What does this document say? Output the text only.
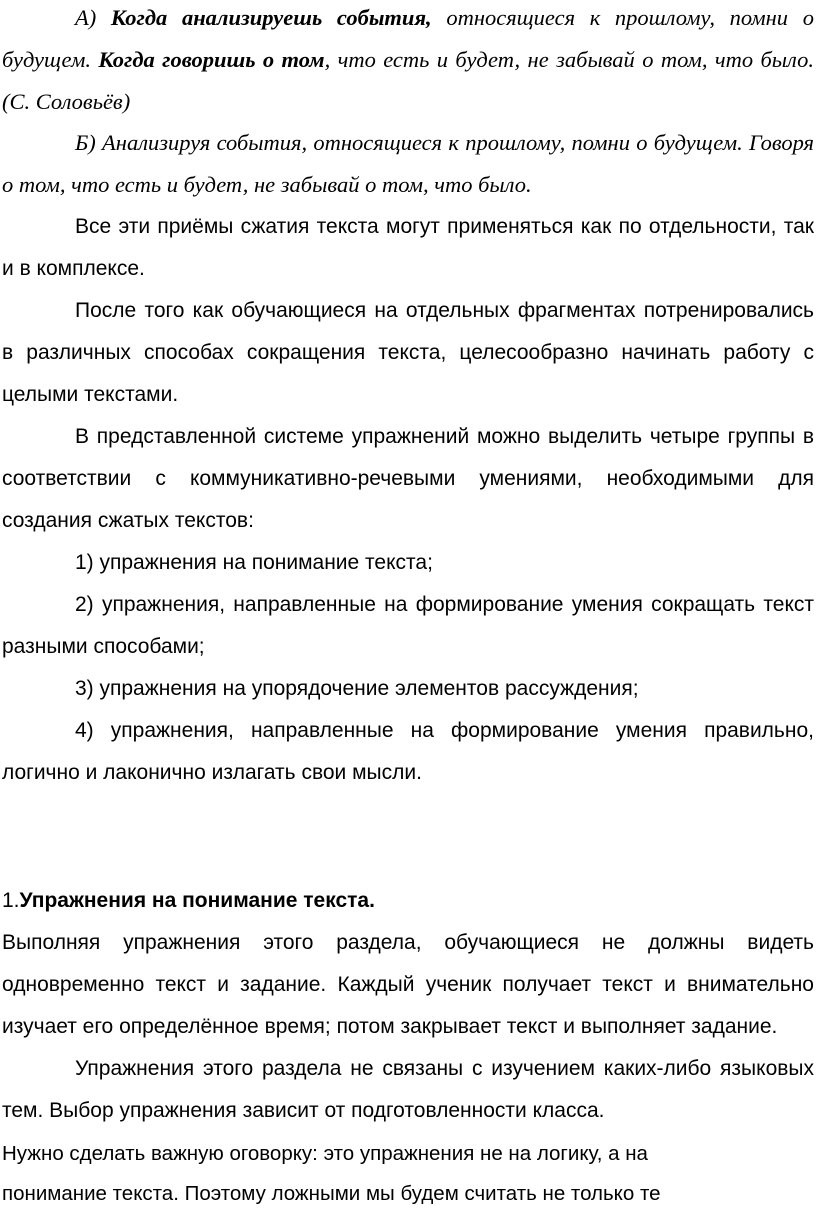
А) Когда анализируешь события, относящиеся к прошлому, помни о будущем. Когда говоришь о том, что есть и будет, не забывай о том, что было. (С. Соловьёв)

Б) Анализируя события, относящиеся к прошлому, помни о будущем. Говоря о том, что есть и будет, не забывай о том, что было.

Все эти приёмы сжатия текста могут применяться как по отдельности, так и в комплексе.

После того как обучающиеся на отдельных фрагментах потренировались в различных способах сокращения текста, целесообразно начинать работу с целыми текстами.

В представленной системе упражнений можно выделить четыре группы в соответствии с коммуникативно-речевыми умениями, необходимыми для создания сжатых текстов:

1) упражнения на понимание текста;

2) упражнения, направленные на формирование умения сокращать текст разными способами;

3) упражнения на упорядочение элементов рассуждения;

4) упражнения, направленные на формирование умения правильно, логично и лаконично излагать свои мысли.

1.Упражнения на понимание текста.

Выполняя упражнения этого раздела, обучающиеся не должны видеть одновременно текст и задание. Каждый ученик получает текст и внимательно изучает его определённое время; потом закрывает текст и выполняет задание.

Упражнения этого раздела не связаны с изучением каких-либо языковых тем. Выбор упражнения зависит от подготовленности класса.

Нужно сделать важную оговорку: это упражнения не на логику, а на понимание текста. Поэтому ложными мы будем считать не только те
